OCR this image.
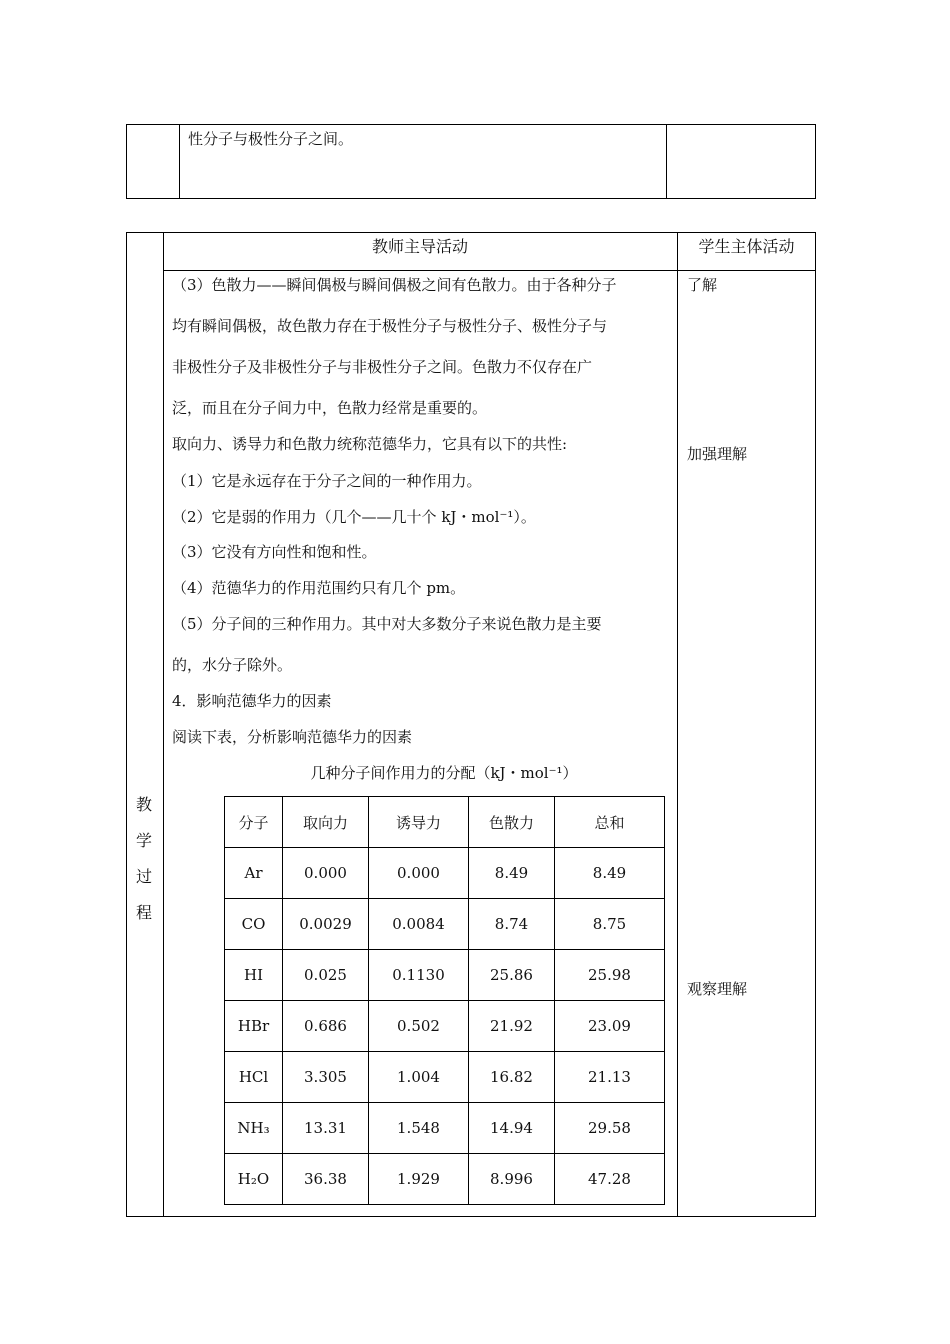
性分子与极性分子之间。
教师主导活动	学生主体活动
教
学
过
程
（3）色散力——瞬间偶极与瞬间偶极之间有色散力。由于各种分子
均有瞬间偶极，故色散力存在于极性分子与极性分子、极性分子与
非极性分子及非极性分子与非极性分子之间。色散力不仅存在广
泛，而且在分子间力中，色散力经常是重要的。
取向力、诱导力和色散力统称范德华力，它具有以下的共性:
（1）它是永远存在于分子之间的一种作用力。
（2）它是弱的作用力（几个——几十个 kJ・mol⁻¹）。
（3）它没有方向性和饱和性。
（4）范德华力的作用范围约只有几个 pm。
（5）分子间的三种作用力。其中对大多数分子来说色散力是主要
的，水分子除外。
4．影响范德华力的因素
阅读下表，分析影响范德华力的因素
了解
加强理解
观察理解
几种分子间作用力的分配（kJ・mol⁻¹）
分子	取向力	诱导力	色散力	总和
Ar	0.000	0.000	8.49	8.49
CO	0.0029	0.0084	8.74	8.75
HI	0.025	0.1130	25.86	25.98
HBr	0.686	0.502	21.92	23.09
HCl	3.305	1.004	16.82	21.13
NH₃	13.31	1.548	14.94	29.58
H₂O	36.38	1.929	8.996	47.28
